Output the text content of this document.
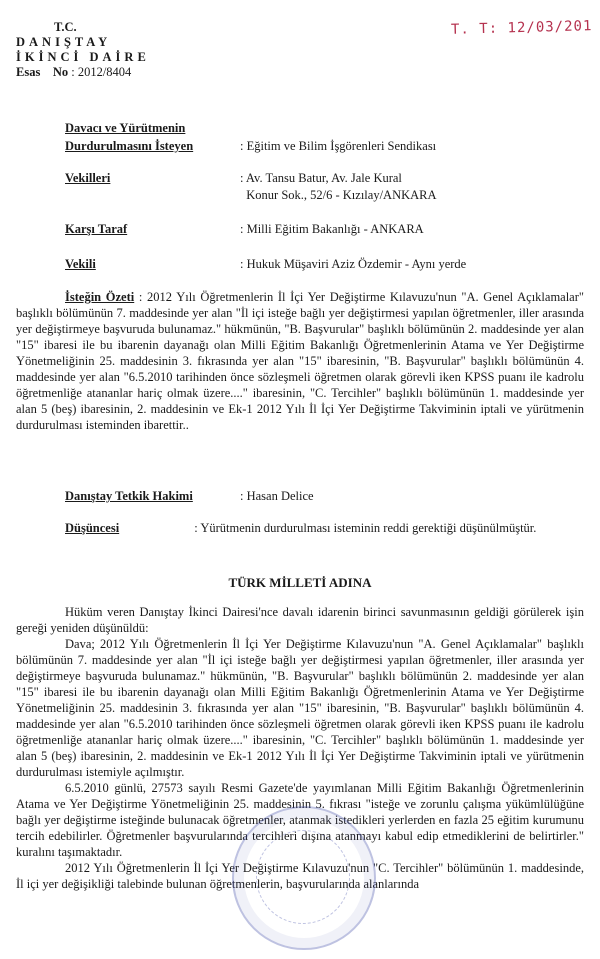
T.C.
DANIŞTAY
İKİNCİ DAİRE
Esas No : 2012/8404
T. T: 12/03/201
Davacı ve Yürütmenin
Durdurulmasını İsteyen	: Eğitim ve Bilim İşgörenleri Sendikası
Vekilleri	: Av. Tansu Batur, Av. Jale Kural
Konur Sok., 52/6 - Kızılay/ANKARA
Karşı Taraf	: Milli Eğitim Bakanlığı - ANKARA
Vekili	: Hukuk Müşaviri Aziz Özdemir - Aynı yerde

İsteğin Özeti : 2012 Yılı Öğretmenlerin İl İçi Yer Değiştirme Kılavuzu'nun "A. Genel Açıklamalar" başlıklı bölümünün 7. maddesinde yer alan "İl içi isteğe bağlı yer değiştirmesi yapılan öğretmenler, iller arasında yer değiştirmeye başvuruda bulunamaz." hükmünün, "B. Başvurular" başlıklı bölümünün 2. maddesinde yer alan "15" ibaresi ile bu ibarenin dayanağı olan Milli Eğitim Bakanlığı Öğretmenlerinin Atama ve Yer Değiştirme Yönetmeliğinin 25. maddesinin 3. fıkrasında yer alan "15" ibaresinin, "B. Başvurular" başlıklı bölümünün 4. maddesinde yer alan "6.5.2010 tarihinden önce sözleşmeli öğretmen olarak görevli iken KPSS puanı ile kadrolu öğretmenliğe atananlar hariç olmak üzere...." ibaresinin, "C. Tercihler" başlıklı bölümünün 1. maddesinde yer alan 5 (beş) ibaresinin, 2. maddesinin ve Ek-1 2012 Yılı İl İçi Yer Değiştirme Takviminin iptali ve yürütmenin durdurulması isteminden ibarettir..

Danıştay Tetkik Hakimi	: Hasan Delice

Düşüncesi	: Yürütmenin durdurulması isteminin reddi gerektiği düşünülmüştür.

TÜRK MİLLETİ ADINA

Hüküm veren Danıştay İkinci Dairesi'nce davalı idarenin birinci savunmasının geldiği görülerek işin gereği yeniden düşünüldü:

Dava; 2012 Yılı Öğretmenlerin İl İçi Yer Değiştirme Kılavuzu'nun "A. Genel Açıklamalar" başlıklı bölümünün 7. maddesinde yer alan "İl içi isteğe bağlı yer değiştirmesi yapılan öğretmenler, iller arasında yer değiştirmeye başvuruda bulunamaz." hükmünün, "B. Başvurular" başlıklı bölümünün 2. maddesinde yer alan "15" ibaresi ile bu ibarenin dayanağı olan Milli Eğitim Bakanlığı Öğretmenlerinin Atama ve Yer Değiştirme Yönetmeliğinin 25. maddesinin 3. fıkrasında yer alan "15" ibaresinin, "B. Başvurular" başlıklı bölümünün 4. maddesinde yer alan "6.5.2010 tarihinden önce sözleşmeli öğretmen olarak görevli iken KPSS puanı ile kadrolu öğretmenliğe atananlar hariç olmak üzere...." ibaresinin, "C. Tercihler" başlıklı bölümünün 1. maddesinde yer alan 5 (beş) ibaresinin, 2. maddesinin ve Ek-1 2012 Yılı İl İçi Yer Değiştirme Takviminin iptali ve yürütmenin durdurulması istemiyle açılmıştır.

6.5.2010 günlü, 27573 sayılı Resmi Gazete'de yayımlanan Milli Eğitim Bakanlığı Öğretmenlerinin Atama ve Yer Değiştirme Yönetmeliğinin 25. maddesinin 5. fıkrası "isteğe ve zorunlu çalışma yükümlülüğüne bağlı yer değiştirme isteğinde bulunacak öğretmenler, atanmak istedikleri yerlerden en fazla 25 eğitim kurumunu tercih edebilirler. Öğretmenler başvurularında tercihleri dışına atanmayı kabul edip etmediklerini de belirtirler." kuralını taşımaktadır.

2012 Yılı Öğretmenlerin İl İçi Yer Değiştirme Kılavuzu'nun "C. Tercihler" bölümünün 1. maddesinde, İl içi yer değişikliği talebinde bulunan öğretmenlerin, başvurularında alanlarında
